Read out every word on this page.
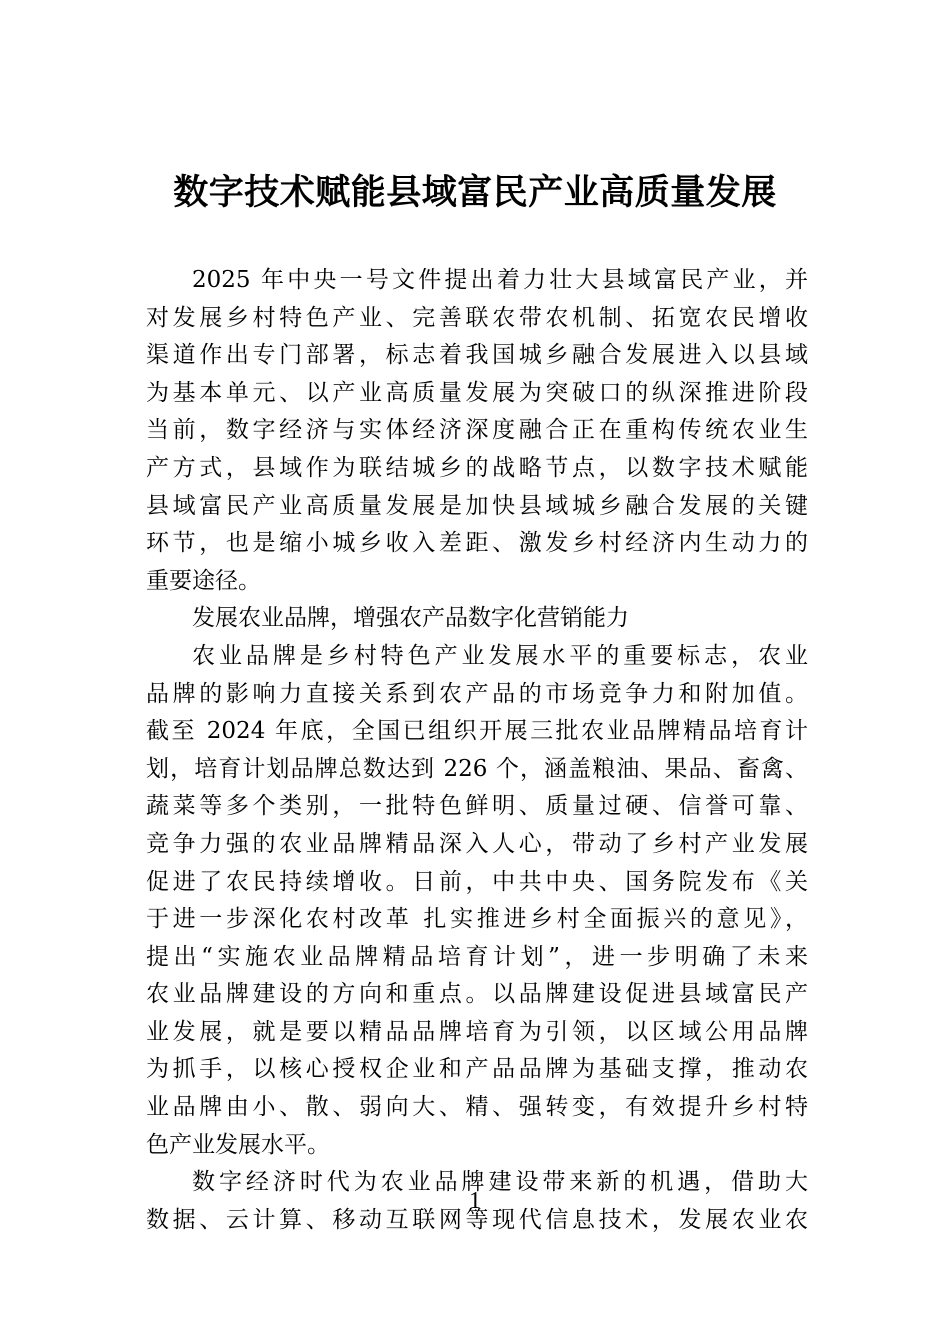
数字技术赋能县域富民产业高质量发展
2025 年中央一号文件提出着力壮大县域富民产业，并
对发展乡村特色产业、完善联农带农机制、拓宽农民增收
渠道作出专门部署，标志着我国城乡融合发展进入以县域
为基本单元、以产业高质量发展为突破口的纵深推进阶段
当前，数字经济与实体经济深度融合正在重构传统农业生
产方式，县域作为联结城乡的战略节点，以数字技术赋能
县域富民产业高质量发展是加快县域城乡融合发展的关键
环节，也是缩小城乡收入差距、激发乡村经济内生动力的
重要途径。
发展农业品牌，增强农产品数字化营销能力
农业品牌是乡村特色产业发展水平的重要标志，农业
品牌的影响力直接关系到农产品的市场竞争力和附加值。
截至 2024 年底，全国已组织开展三批农业品牌精品培育计
划，培育计划品牌总数达到 226 个，涵盖粮油、果品、畜禽、
蔬菜等多个类别，一批特色鲜明、质量过硬、信誉可靠、
竞争力强的农业品牌精品深入人心，带动了乡村产业发展
促进了农民持续增收。日前，中共中央、国务院发布《关
于进一步深化农村改革 扎实推进乡村全面振兴的意见》，
提出“实施农业品牌精品培育计划”，进一步明确了未来
农业品牌建设的方向和重点。以品牌建设促进县域富民产
业发展，就是要以精品品牌培育为引领，以区域公用品牌
为抓手，以核心授权企业和产品品牌为基础支撑，推动农
业品牌由小、散、弱向大、精、强转变，有效提升乡村特
色产业发展水平。
数字经济时代为农业品牌建设带来新的机遇，借助大
数据、云计算、移动互联网等现代信息技术，发展农业农
1
